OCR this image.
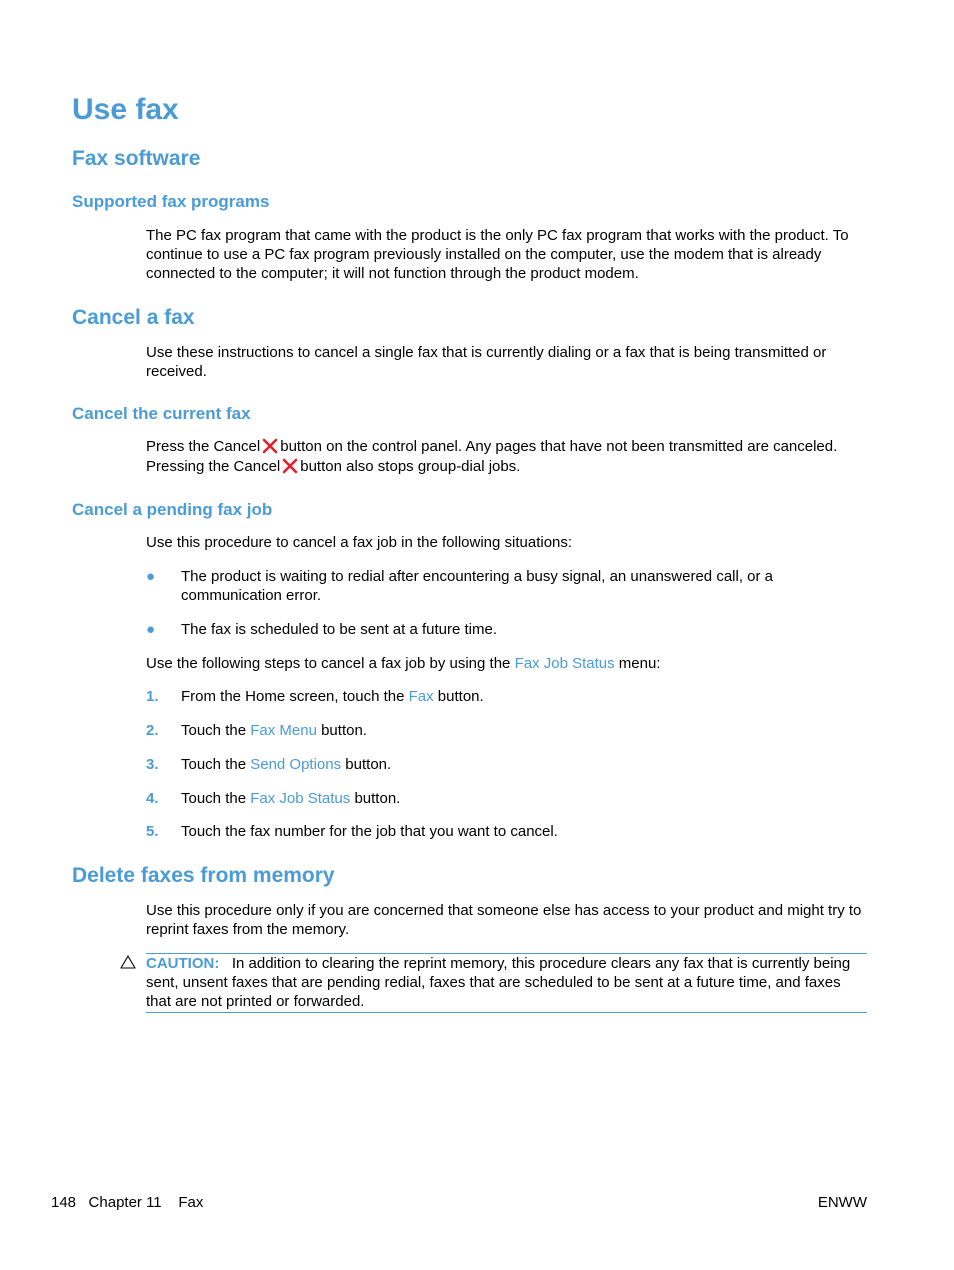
Use fax
Fax software
Supported fax programs

The PC fax program that came with the product is the only PC fax program that works with the product. To continue to use a PC fax program previously installed on the computer, use the modem that is already connected to the computer; it will not function through the product modem.

Cancel a fax

Use these instructions to cancel a single fax that is currently dialing or a fax that is being transmitted or received.

Cancel the current fax
Press the Cancel button on the control panel. Any pages that have not been transmitted are canceled.
Pressing the Cancel button also stops group-dial jobs.
Cancel a pending fax job

Use this procedure to cancel a fax job in the following situations:

● The product is waiting to redial after encountering a busy signal, an unanswered call, or a communication error.

● The fax is scheduled to be sent at a future time.

Use the following steps to cancel a fax job by using the Fax Job Status menu:

1.	From the Home screen, touch the Fax button.

2.	Touch the Fax Menu button.

3.	Touch the Send Options button.

4.	Touch the Fax Job Status button.

5.	Touch the fax number for the job that you want to cancel.

Delete faxes from memory

Use this procedure only if you are concerned that someone else has access to your product and might try to reprint faxes from the memory.

CAUTION: In addition to clearing the reprint memory, this procedure clears any fax that is currently being sent, unsent faxes that are pending redial, faxes that are scheduled to be sent at a future time, and faxes that are not printed or forwarded.

148 Chapter 11 Fax	ENWW
